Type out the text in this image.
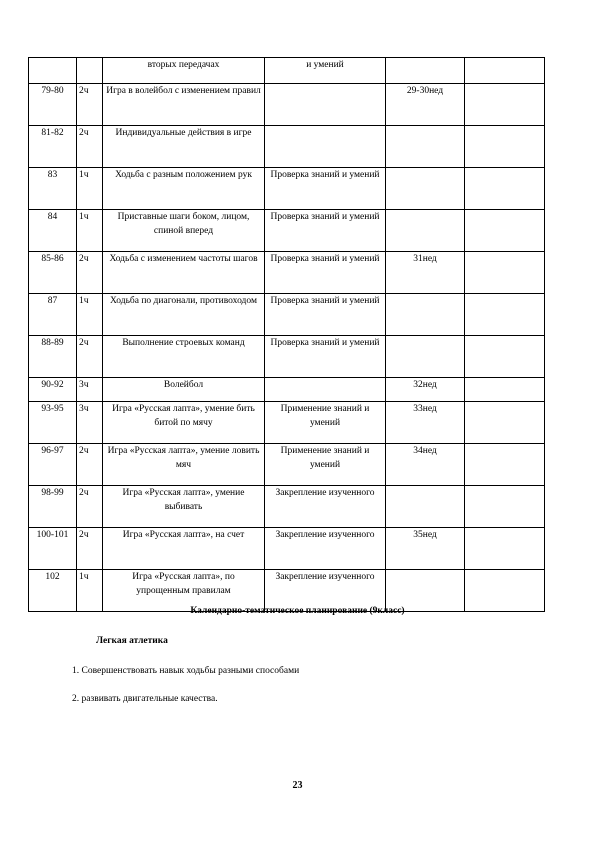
		вторых передачах	и умений		
79-80	2ч	Игра в волейбол с изменением правил		29-30нед	
81-82	2ч	Индивидуальные действия в игре			
83	1ч	Ходьба с разным положением рук	Проверка знаний и умений		
84	1ч	Приставные шаги боком, лицом, спиной вперед	Проверка знаний и умений		
85-86	2ч	Ходьба с изменением частоты шагов	Проверка знаний и умений	31нед	
87	1ч	Ходьба по диагонали, противоходом	Проверка знаний и умений		
88-89	2ч	Выполнение строевых команд	Проверка знаний и умений		
90-92	3ч	Волейбол		32нед	
93-95	3ч	Игра «Русская лапта», умение бить битой по мячу	Применение знаний и умений	33нед	
96-97	2ч	Игра «Русская лапта», умение ловить мяч	Применение знаний и умений	34нед	
98-99	2ч	Игра «Русская лапта», умение выбивать	Закрепление изученного		
100-101	2ч	Игра «Русская лапта», на счет	Закрепление изученного	35нед	
102	1ч	Игра «Русская лапта», по упрощенным правилам	Закрепление изученного		
Календарно-тематическое планирование (9класс)
Легкая атлетика
1. Совершенствовать навык ходьбы разными способами
2. развивать двигательные качества.
23
